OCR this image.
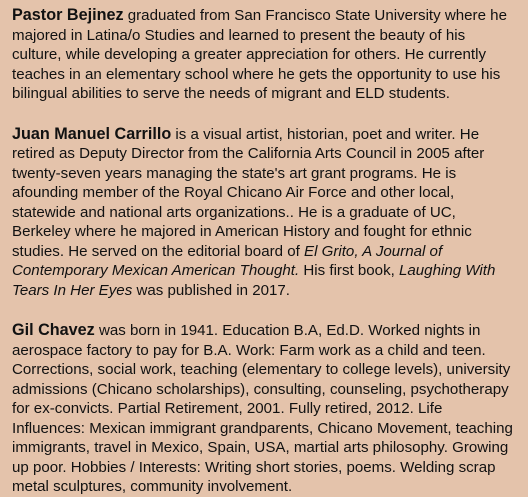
Pastor Bejinez graduated from San Francisco State University where he majored in Latina/o Studies and learned to present the beauty of his culture, while developing a greater appreciation for others. He currently teaches in an elementary school where he gets the opportunity to use his bilingual abilities to serve the needs of migrant and ELD students.

Juan Manuel Carrillo is a visual artist, historian, poet and writer. He retired as Deputy Director from the California Arts Council in 2005 after twenty-seven years managing the state's art grant programs. He is afounding member of the Royal Chicano Air Force and other local, statewide and national arts organizations.. He is a graduate of UC, Berkeley where he majored in American History and fought for ethnic studies. He served on the editorial board of El Grito, A Journal of Contemporary Mexican American Thought. His first book, Laughing With Tears In Her Eyes was published in 2017.

Gil Chavez was born in 1941. Education B.A, Ed.D. Worked nights in aerospace factory to pay for B.A. Work: Farm work as a child and teen. Corrections, social work, teaching (elementary to college levels), university admissions (Chicano scholarships), consulting, counseling, psychotherapy for ex-convicts. Partial Retirement, 2001. Fully retired, 2012. Life Influences: Mexican immigrant grandparents, Chicano Movement, teaching immigrants, travel in Mexico, Spain, USA, martial arts philosophy. Growing up poor. Hobbies / Interests: Writing short stories, poems. Welding scrap metal sculptures, community involvement.
